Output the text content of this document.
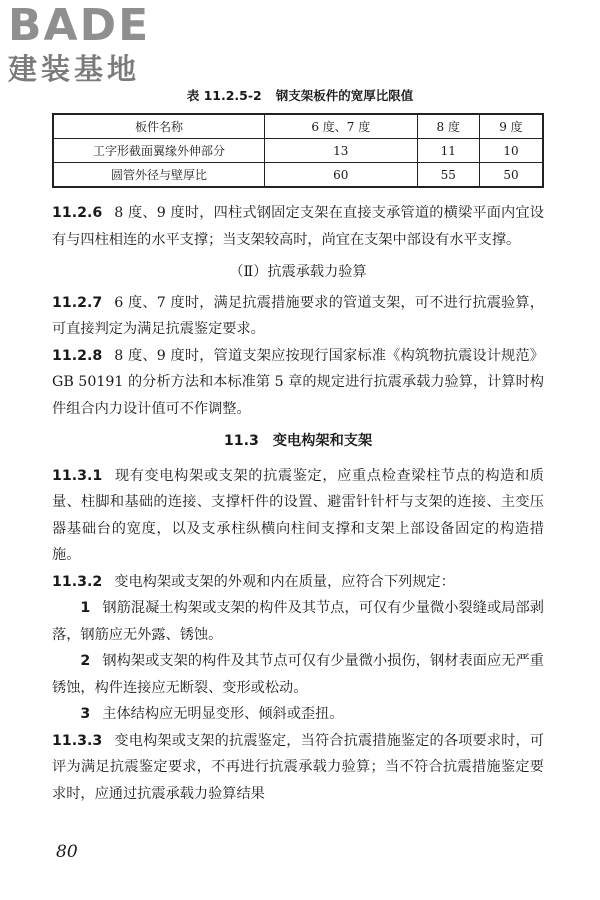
BADE
建装基地
表 11.2.5-2 钢支架板件的宽厚比限值
板件名称	6 度、7 度	8 度	9 度
工字形截面翼缘外伸部分	13	11	10
圆管外径与壁厚比	60	55	50

11.2.6 8 度、9 度时，四柱式钢固定支架在直接支承管道的横梁平面内宜设有与四柱相连的水平支撑；当支架较高时，尚宜在支架中部设有水平支撑。

（Ⅱ）抗震承载力验算

11.2.7 6 度、7 度时，满足抗震措施要求的管道支架，可不进行抗震验算，可直接判定为满足抗震鉴定要求。

11.2.8 8 度、9 度时，管道支架应按现行国家标准《构筑物抗震设计规范》GB 50191 的分析方法和本标准第 5 章的规定进行抗震承载力验算，计算时构件组合内力设计值可不作调整。

11.3 变电构架和支架

11.3.1 现有变电构架或支架的抗震鉴定，应重点检查梁柱节点的构造和质量、柱脚和基础的连接、支撑杆件的设置、避雷针针杆与支架的连接、主变压器基础台的宽度，以及支承柱纵横向柱间支撑和支架上部设备固定的构造措施。

11.3.2 变电构架或支架的外观和内在质量，应符合下列规定：

1 钢筋混凝土构架或支架的构件及其节点，可仅有少量微小裂缝或局部剥落，钢筋应无外露、锈蚀。

2 钢构架或支架的构件及其节点可仅有少量微小损伤，钢材表面应无严重锈蚀，构件连接应无断裂、变形或松动。

3 主体结构应无明显变形、倾斜或歪扭。

11.3.3 变电构架或支架的抗震鉴定，当符合抗震措施鉴定的各项要求时，可评为满足抗震鉴定要求，不再进行抗震承载力验算；当不符合抗震措施鉴定要求时，应通过抗震承载力验算结果

80
